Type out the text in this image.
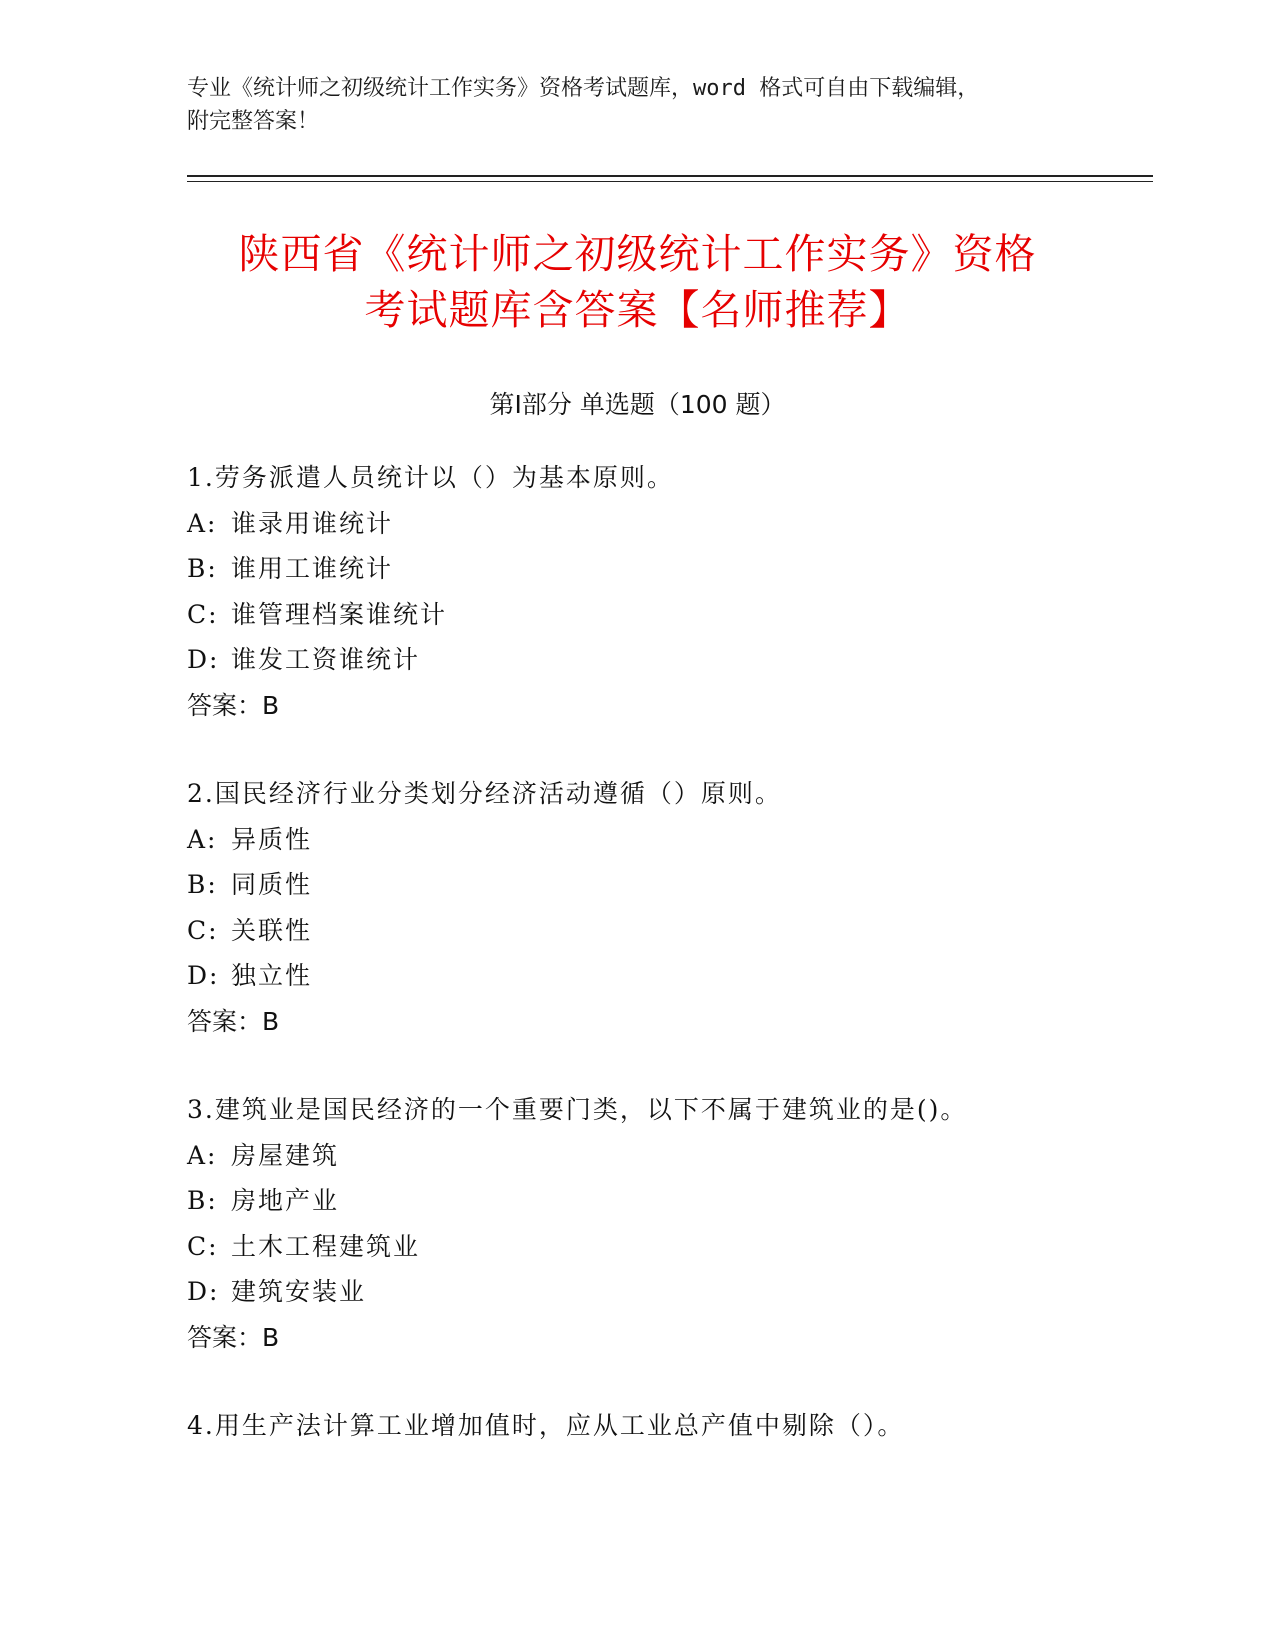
专业《统计师之初级统计工作实务》资格考试题库，word 格式可自由下载编辑，
附完整答案！
陕西省《统计师之初级统计工作实务》资格
考试题库含答案【名师推荐】
第Ⅰ部分 单选题（100 题）
1.劳务派遣人员统计以（）为基本原则。
A: 谁录用谁统计
B: 谁用工谁统计
C: 谁管理档案谁统计
D: 谁发工资谁统计
答案：B
2.国民经济行业分类划分经济活动遵循（）原则。
A: 异质性
B: 同质性
C: 关联性
D: 独立性
答案：B
3.建筑业是国民经济的一个重要门类，以下不属于建筑业的是()。
A: 房屋建筑
B: 房地产业
C: 土木工程建筑业
D: 建筑安装业
答案：B
4.用生产法计算工业增加值时，应从工业总产值中剔除（）。
